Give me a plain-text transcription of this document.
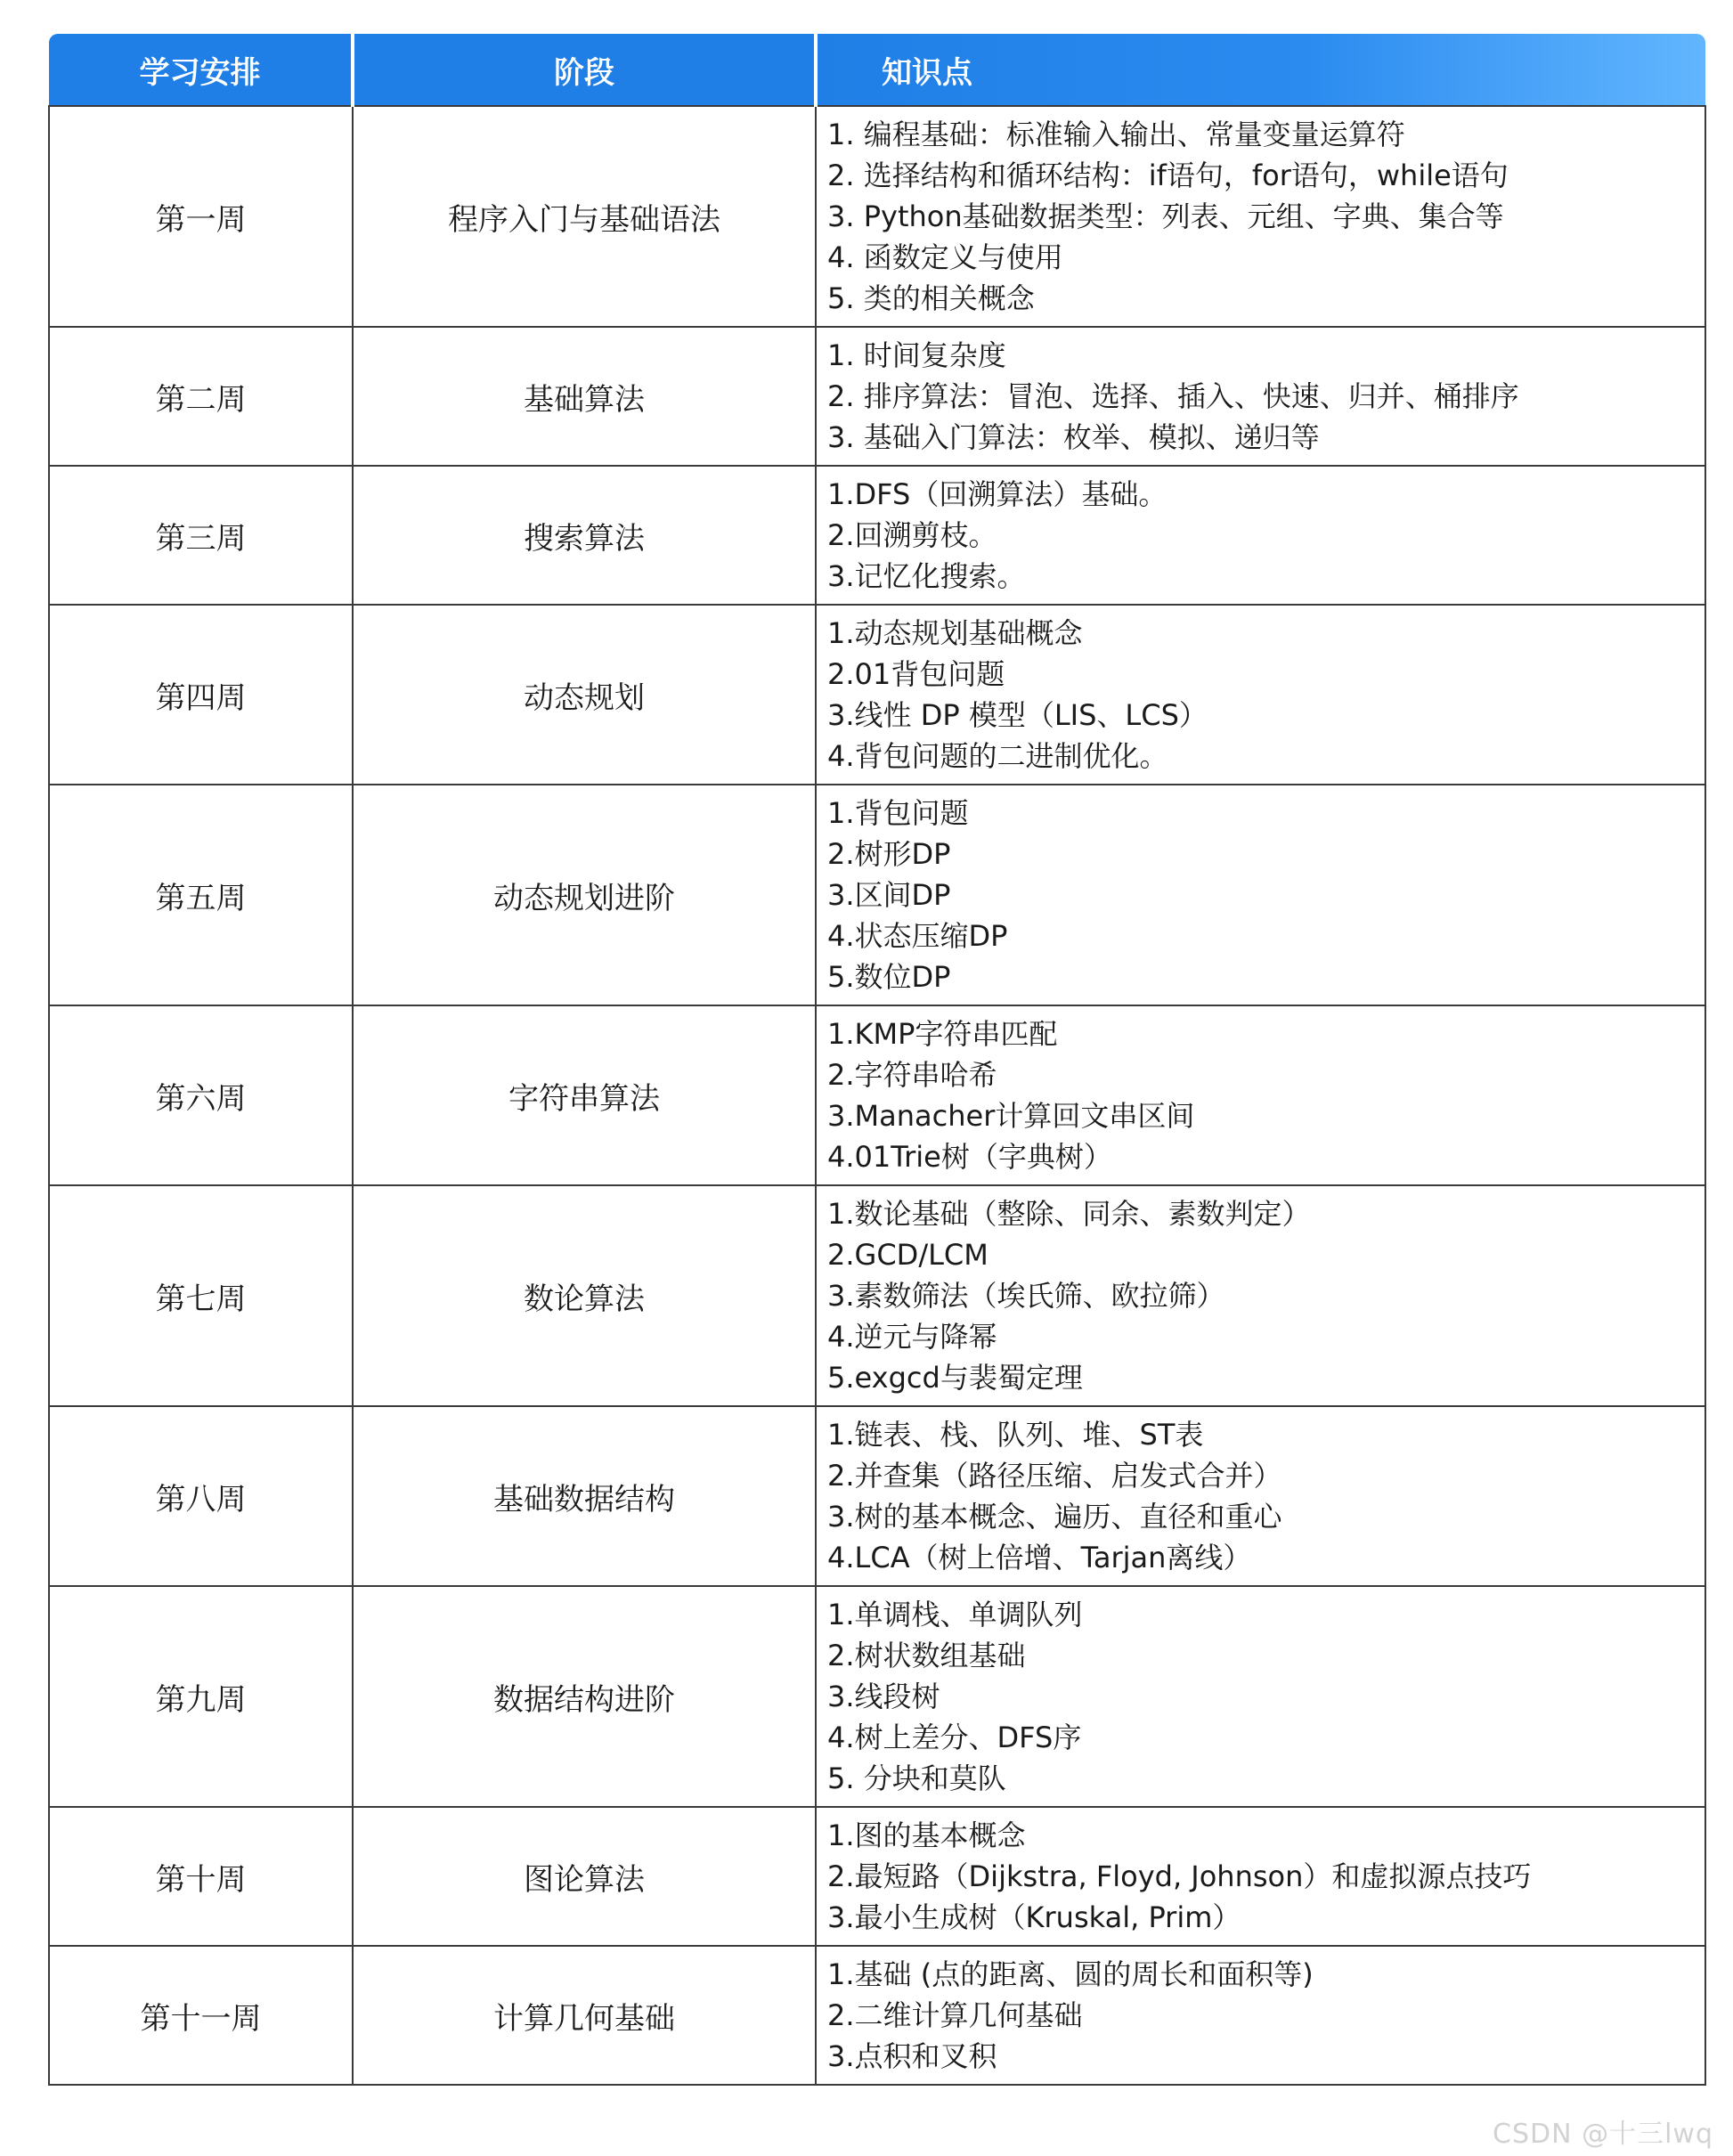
学习安排	阶段	知识点

第一周	程序入门与基础语法	1. 编程基础：标准输入输出、常量变量运算符
2. 选择结构和循环结构：if语句，for语句，while语句
3. Python基础数据类型：列表、元组、字典、集合等
4. 函数定义与使用
5. 类的相关概念

第二周	基础算法	1. 时间复杂度
2. 排序算法：冒泡、选择、插入、快速、归并、桶排序
3. 基础入门算法：枚举、模拟、递归等

第三周	搜索算法	1.DFS（回溯算法）基础。
2.回溯剪枝。
3.记忆化搜索。

第四周	动态规划	1.动态规划基础概念
2.01背包问题
3.线性 DP 模型（LIS、LCS）
4.背包问题的二进制优化。

第五周	动态规划进阶	1.背包问题
2.树形DP
3.区间DP
4.状态压缩DP
5.数位DP

第六周	字符串算法	1.KMP字符串匹配
2.字符串哈希
3.Manacher计算回文串区间
4.01Trie树（字典树）

第七周	数论算法	1.数论基础（整除、同余、素数判定）
2.GCD/LCM
3.素数筛法（埃氏筛、欧拉筛）
4.逆元与降幂
5.exgcd与裴蜀定理

第八周	基础数据结构	1.链表、栈、队列、堆、ST表
2.并查集（路径压缩、启发式合并）
3.树的基本概念、遍历、直径和重心
4.LCA（树上倍增、Tarjan离线）

第九周	数据结构进阶	1.单调栈、单调队列
2.树状数组基础
3.线段树
4.树上差分、DFS序
5. 分块和莫队

第十周	图论算法	1.图的基本概念
2.最短路（Dijkstra, Floyd, Johnson）和虚拟源点技巧
3.最小生成树（Kruskal, Prim）

第十一周	计算几何基础	1.基础 (点的距离、圆的周长和面积等)
2.二维计算几何基础
3.点积和叉积
CSDN @十三lwq
